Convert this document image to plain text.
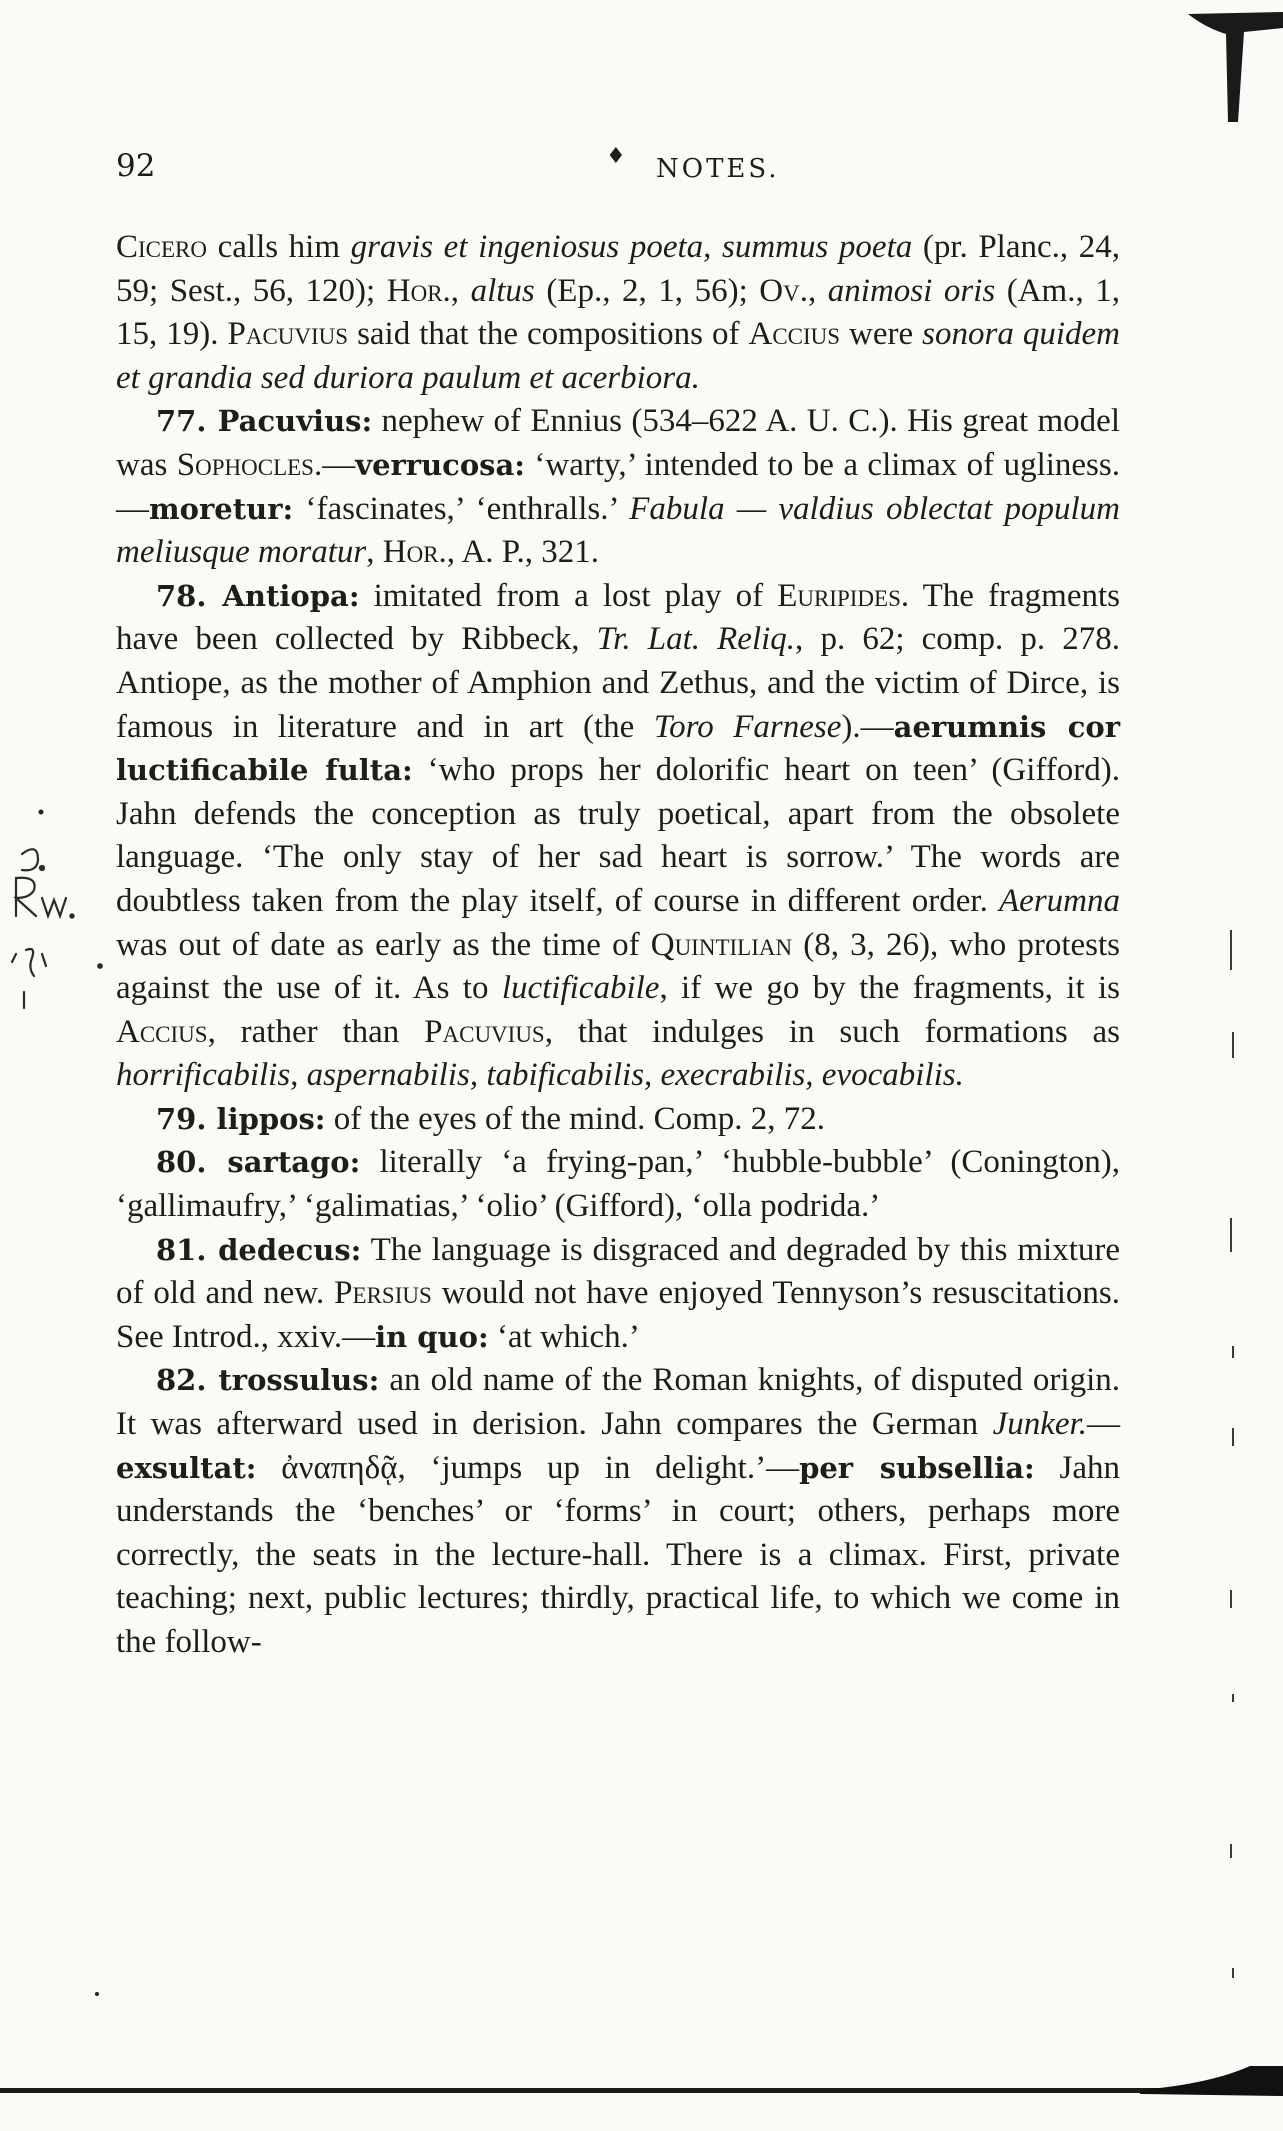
92	♦ NOTES.

Cicero calls him gravis et ingeniosus poeta, summus poeta (pr. Planc., 24, 59; Sest., 56, 120); Hor., altus (Ep., 2, 1, 56); Ov., animosi oris (Am., 1, 15, 19). Pacuvius said that the compositions of Accius were sonora quidem et grandia sed duriora paulum et acerbiora.

77. Pacuvius: nephew of Ennius (534–622 A. U. C.). His great model was Sophocles.—verrucosa: ‘warty,’ intended to be a climax of ugliness.—moretur: ‘fascinates,’ ‘enthralls.’ Fabula — valdius oblectat populum meliusque moratur, Hor., A. P., 321.

78. Antiopa: imitated from a lost play of Euripides. The fragments have been collected by Ribbeck, Tr. Lat. Reliq., p. 62; comp. p. 278. Antiope, as the mother of Amphion and Zethus, and the victim of Dirce, is famous in literature and in art (the Toro Farnese).—aerumnis cor luctificabile fulta: ‘who props her dolorific heart on teen’ (Gifford). Jahn defends the conception as truly poetical, apart from the obsolete language. ‘The only stay of her sad heart is sorrow.’ The words are doubtless taken from the play itself, of course in different order. Aerumna was out of date as early as the time of Quintilian (8, 3, 26), who protests against the use of it. As to luctificabile, if we go by the fragments, it is Accius, rather than Pacuvius, that indulges in such formations as horrificabilis, aspernabilis, tabificabilis, execrabilis, evocabilis.

79. lippos: of the eyes of the mind. Comp. 2, 72.

80. sartago: literally ‘a frying-pan,’ ‘hubble-bubble’ (Conington), ‘gallimaufry,’ ‘galimatias,’ ‘olio’ (Gifford), ‘olla podrida.’

81. dedecus: The language is disgraced and degraded by this mixture of old and new. Persius would not have enjoyed Tennyson’s resuscitations. See Introd., xxiv.—in quo: ‘at which.’

82. trossulus: an old name of the Roman knights, of disputed origin. It was afterward used in derision. Jahn compares the German Junker.—exsultat: ἀναπηδᾷ, ‘jumps up in delight.’—per subsellia: Jahn understands the ‘benches’ or ‘forms’ in court; others, perhaps more correctly, the seats in the lecture-hall. There is a climax. First, private teaching; next, public lectures; thirdly, practical life, to which we come in the follow-
